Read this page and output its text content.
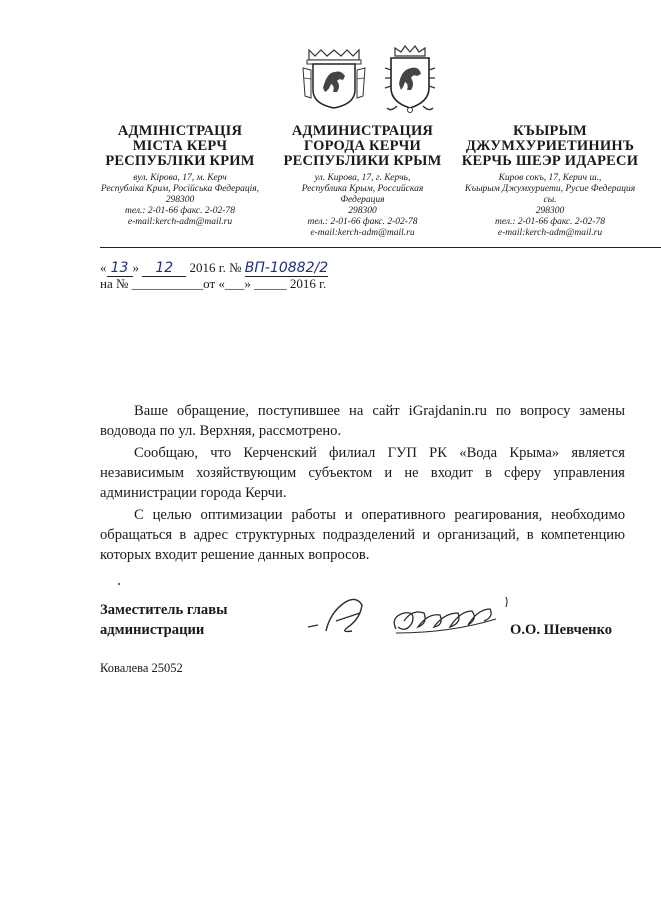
АДМІНІСТРАЦІЯ
МІСТА КЕРЧ
РЕСПУБЛІКИ КРИМ
вул. Кірова, 17, м. Керч
Республіка Крим, Російська Федерація,
298300
тел.: 2-01-66 факс. 2-02-78
e-mail:kerch-adm@mail.ru
АДМИНИСТРАЦИЯ
ГОРОДА КЕРЧИ
РЕСПУБЛИКИ КРЫМ
ул. Кирова, 17, г. Керчь,
Республика Крым, Российская Федерация
298300
тел.: 2-01-66 факс. 2-02-78
e-mail:kerch-adm@mail.ru
КЪЫРЫМ
ДЖУМХУРИЕТИНИНЪ
КЕРЧЬ ШЕЭР ИДАРЕСИ
Киров сокъ, 17, Керич ш.,
Къырым Джумхуриети, Русие Федерация
сы.
298300
тел.: 2-01-66 факс. 2-02-78
e-mail:kerch-adm@mail.ru
« 13 » 12 2016 г. № ВП-10882/2
на № ___________от «___» _____ 2016 г.

Ваше обращение, поступившее на сайт iGrajdanin.ru по вопросу замены водовода по ул. Верхняя, рассмотрено.

Сообщаю, что Керченский филиал ГУП РК «Вода Крыма» является независимым хозяйствующим субъектом и не входит в сферу управления администрации города Керчи.

С целью оптимизации работы и оперативного реагирования, необходимо обращаться в адрес структурных подразделений и организаций, в компетенцию которых входит решение данных вопросов.

Заместитель главы
администрации	О.О. Шевченко
Ковалева 25052
